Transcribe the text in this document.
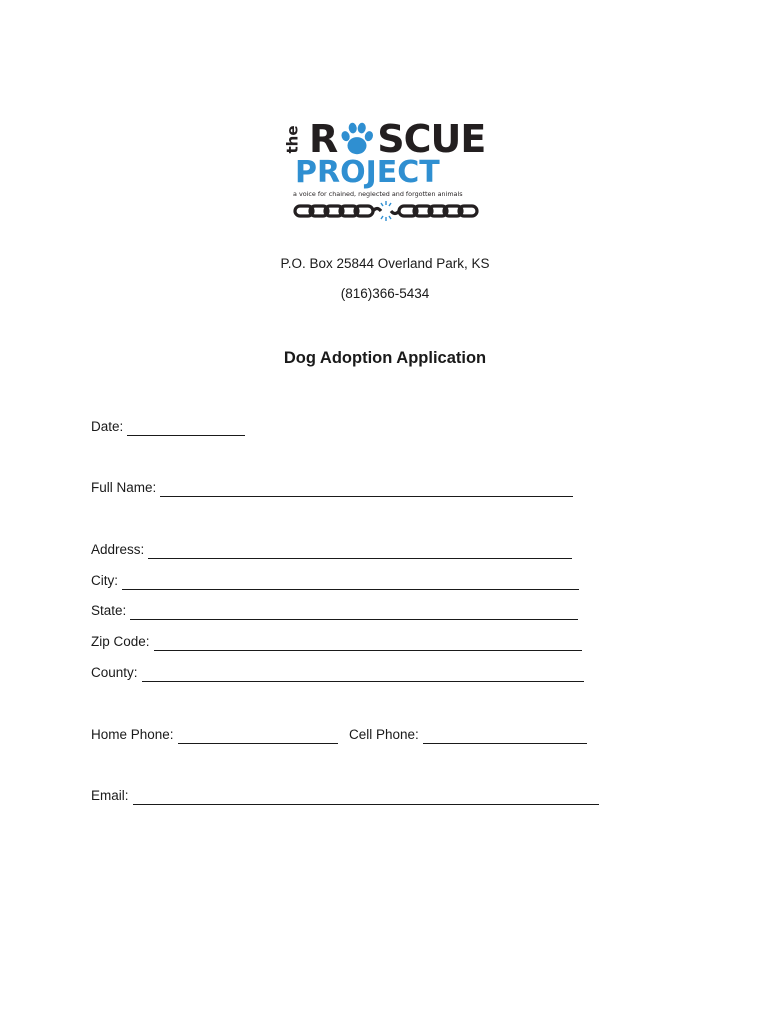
the R SCUE
PROJECT
a voice for chained, neglected and forgotten animals
P.O. Box 25844 Overland Park, KS
(816)366-5434
Dog Adoption Application
Date:
Full Name:
Address:
City:
State:
Zip Code:
County:
Home Phone:	Cell Phone:
Email:
